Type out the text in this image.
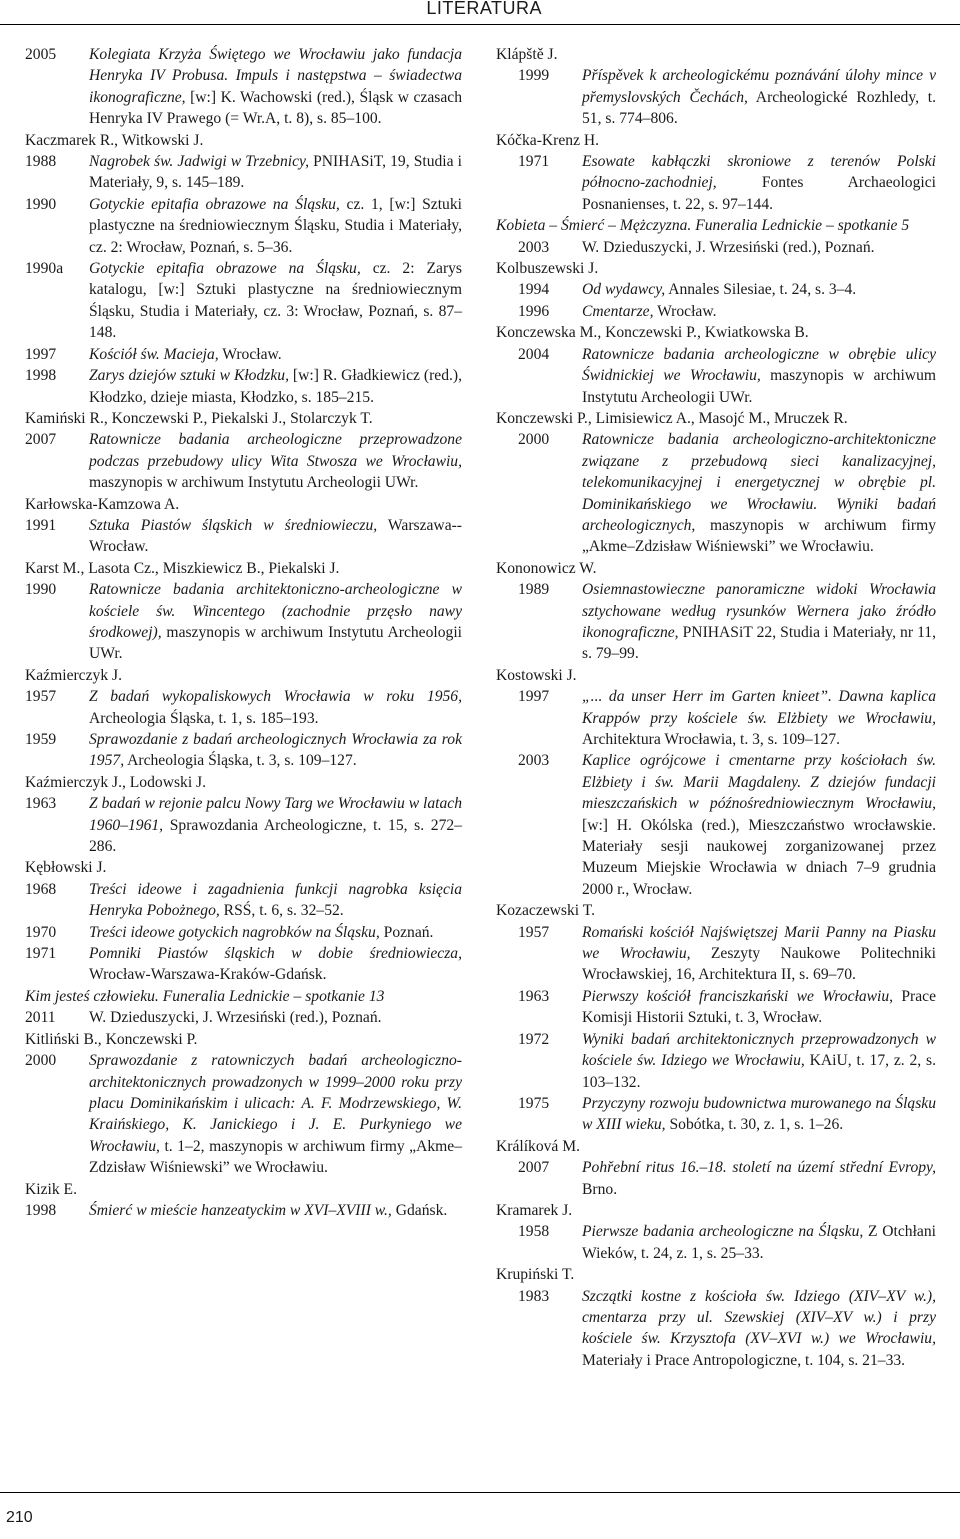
LITERATURA
2005	Kolegiata Krzyża Świętego we Wrocławiu jako fundacja Henryka IV Probusa. Impuls i następstwa – świadectwa ikonograficzne, [w:] K. Wachowski (red.), Śląsk w czasach Henryka IV Prawego (= Wr.A, t. 8), s. 85‒100.
Kaczmarek R., Witkowski J.
1988	Nagrobek św. Jadwigi w Trzebnicy, PNIHASiT, 19, Studia i Materiały, 9, s. 145‒189.
1990	Gotyckie epitafia obrazowe na Śląsku, cz. 1, [w:] Sztuki plastyczne na średniowiecznym Śląsku, Studia i Materiały, cz. 2: Wrocław, Poznań, s. 5‒36.
1990a	Gotyckie epitafia obrazowe na Śląsku, cz. 2: Zarys katalogu, [w:] Sztuki plastyczne na średniowiecznym Śląsku, Studia i Materiały, cz. 3: Wrocław, Poznań, s. 87‒148.
1997	Kościół św. Macieja, Wrocław.
1998	Zarys dziejów sztuki w Kłodzku, [w:] R. Gładkiewicz (red.), Kłodzko, dzieje miasta, Kłodzko, s. 185‒215.
Kamiński R., Konczewski P., Piekalski J., Stolarczyk T.
2007	Ratownicze badania archeologiczne przeprowadzone podczas przebudowy ulicy Wita Stwosza we Wrocławiu, maszynopis w archiwum Instytutu Archeologii UWr.
Karłowska-Kamzowa A.
1991	Sztuka Piastów śląskich w średniowieczu, Warszawa--Wrocław.
Karst M., Lasota Cz., Miszkiewicz B., Piekalski J.
1990	Ratownicze badania architektoniczno-archeologiczne w kościele św. Wincentego (zachodnie przęsło nawy środkowej), maszynopis w archiwum Instytutu Archeologii UWr.
Kaźmierczyk J.
1957	Z badań wykopaliskowych Wrocławia w roku 1956, Archeologia Śląska, t. 1, s. 185‒193.
1959	Sprawozdanie z badań archeologicznych Wrocławia za rok 1957, Archeologia Śląska, t. 3, s. 109‒127.
Kaźmierczyk J., Lodowski J.
1963	Z badań w rejonie palcu Nowy Targ we Wrocławiu w latach 1960‒1961, Sprawozdania Archeologiczne, t. 15, s. 272‒286.
Kębłowski J.
1968	Treści ideowe i zagadnienia funkcji nagrobka księcia Henryka Pobożnego, RSŚ, t. 6, s. 32‒52.
1970	Treści ideowe gotyckich nagrobków na Śląsku, Poznań.
1971	Pomniki Piastów śląskich w dobie średniowiecza, Wrocław-Warszawa-Kraków-Gdańsk.
Kim jesteś człowieku. Funeralia Lednickie – spotkanie 13
2011	W. Dzieduszycki, J. Wrzesiński (red.), Poznań.
Kitliński B., Konczewski P.
2000	Sprawozdanie z ratowniczych badań archeologiczno-architektonicznych prowadzonych w 1999‒2000 roku przy placu Dominikańskim i ulicach: A. F. Modrzewskiego, W. Kraińskiego, K. Janickiego i J. E. Purkyniego we Wrocławiu, t. 1‒2, maszynopis w archiwum firmy „Akme‒Zdzisław Wiśniewski” we Wrocławiu.
Kizik E.
1998	Śmierć w mieście hanzeatyckim w XVI‒XVIII w., Gdańsk.
Klápště J.
1999	Příspěvek k archeologickému poznávání úlohy mince v přemyslovských Čechách, Archeologické Rozhledy, t. 51, s. 774‒806.
Kóčka-Krenz H.
1971	Esowate kabłączki skroniowe z terenów Polski północno-zachodniej, Fontes Archaeologici Posnanienses, t. 22, s. 97‒144.
Kobieta – Śmierć – Mężczyzna. Funeralia Lednickie – spotkanie 5
2003	W. Dzieduszycki, J. Wrzesiński (red.), Poznań.
Kolbuszewski J.
1994	Od wydawcy, Annales Silesiae, t. 24, s. 3‒4.
1996	Cmentarze, Wrocław.
Konczewska M., Konczewski P., Kwiatkowska B.
2004	Ratownicze badania archeologiczne w obrębie ulicy Świdnickiej we Wrocławiu, maszynopis w archiwum Instytutu Archeologii UWr.
Konczewski P., Limisiewicz A., Masojć M., Mruczek R.
2000	Ratownicze badania archeologiczno-architektoniczne związane z przebudową sieci kanalizacyjnej, telekomunikacyjnej i energetycznej w obrębie pl. Dominikańskiego we Wrocławiu. Wyniki badań archeologicznych, maszynopis w archiwum firmy „Akme‒Zdzisław Wiśniewski” we Wrocławiu.
Kononowicz W.
1989	Osiemnastowieczne panoramiczne widoki Wrocławia sztychowane według rysunków Wernera jako źródło ikonograficzne, PNIHASiT 22, Studia i Materiały, nr 11, s. 79‒99.
Kostowski J.
1997	„... da unser Herr im Garten knieet”. Dawna kaplica Krappów przy kościele św. Elżbiety we Wrocławiu, Architektura Wrocławia, t. 3, s. 109‒127.
2003	Kaplice ogrójcowe i cmentarne przy kościołach św. Elżbiety i św. Marii Magdaleny. Z dziejów fundacji mieszczańskich w późnośredniowiecznym Wrocławiu, [w:] H. Okólska (red.), Mieszczaństwo wrocławskie. Materiały sesji naukowej zorganizowanej przez Muzeum Miejskie Wrocławia w dniach 7‒9 grudnia 2000 r., Wrocław.
Kozaczewski T.
1957	Romański kościół Najświętszej Marii Panny na Piasku we Wrocławiu, Zeszyty Naukowe Politechniki Wrocławskiej, 16, Architektura II, s. 69‒70.
1963	Pierwszy kościół franciszkański we Wrocławiu, Prace Komisji Historii Sztuki, t. 3, Wrocław.
1972	Wyniki badań architektonicznych przeprowadzonych w kościele św. Idziego we Wrocławiu, KAiU, t. 17, z. 2, s. 103‒132.
1975	Przyczyny rozwoju budownictwa murowanego na Śląsku w XIII wieku, Sobótka, t. 30, z. 1, s. 1‒26.
Králíková M.
2007	Pohřební ritus 16.‒18. století na území střední Evropy, Brno.
Kramarek J.
1958	Pierwsze badania archeologiczne na Śląsku, Z Otchłani Wieków, t. 24, z. 1, s. 25‒33.
Krupiński T.
1983	Szczątki kostne z kościoła św. Idziego (XIV‒XV w.), cmentarza przy ul. Szewskiej (XIV‒XV w.) i przy kościele św. Krzysztofa (XV‒XVI w.) we Wrocławiu, Materiały i Prace Antropologiczne, t. 104, s. 21‒33.
210
